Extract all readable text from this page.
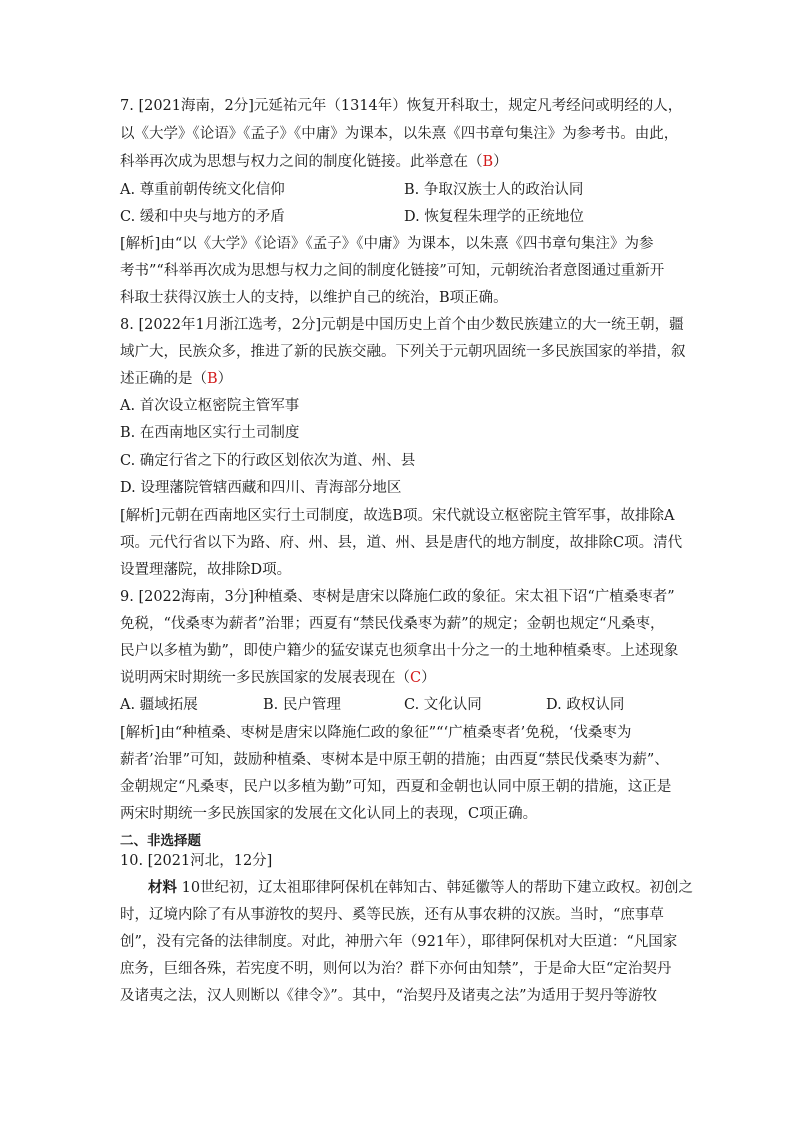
7. [2021海南，2分]元延祐元年（1314年）恢复开科取士，规定凡考经问或明经的人，
以《大学》《论语》《孟子》《中庸》为课本，以朱熹《四书章句集注》为参考书。由此，
科举再次成为思想与权力之间的制度化链接。此举意在（B）
A. 尊重前朝传统文化信仰	B. 争取汉族士人的政治认同
C. 缓和中央与地方的矛盾	D. 恢复程朱理学的正统地位
[解析]由“以《大学》《论语》《孟子》《中庸》为课本，以朱熹《四书章句集注》为参
考书”“科举再次成为思想与权力之间的制度化链接”可知，元朝统治者意图通过重新开
科取士获得汉族士人的支持，以维护自己的统治，B项正确。
8. [2022年1月浙江选考，2分]元朝是中国历史上首个由少数民族建立的大一统王朝，疆
域广大，民族众多，推进了新的民族交融。下列关于元朝巩固统一多民族国家的举措，叙
述正确的是（B）
A. 首次设立枢密院主管军事
B. 在西南地区实行土司制度
C. 确定行省之下的行政区划依次为道、州、县
D. 设理藩院管辖西藏和四川、青海部分地区
[解析]元朝在西南地区实行土司制度，故选B项。宋代就设立枢密院主管军事，故排除A
项。元代行省以下为路、府、州、县，道、州、县是唐代的地方制度，故排除C项。清代
设置理藩院，故排除D项。
9. [2022海南，3分]种植桑、枣树是唐宋以降施仁政的象征。宋太祖下诏“广植桑枣者”
免税，“伐桑枣为薪者”治罪；西夏有“禁民伐桑枣为薪”的规定；金朝也规定“凡桑枣，
民户以多植为勤”，即使户籍少的猛安谋克也须拿出十分之一的土地种植桑枣。上述现象
说明两宋时期统一多民族国家的发展表现在（C）
A. 疆域拓展	B. 民户管理	C. 文化认同	D. 政权认同
[解析]由“种植桑、枣树是唐宋以降施仁政的象征”“‘广植桑枣者’免税，‘伐桑枣为
薪者’治罪”可知，鼓励种植桑、枣树本是中原王朝的措施；由西夏“禁民伐桑枣为薪”、
金朝规定“凡桑枣，民户以多植为勤”可知，西夏和金朝也认同中原王朝的措施，这正是
两宋时期统一多民族国家的发展在文化认同上的表现，C项正确。
二、非选择题
10. [2021河北，12分]
材料 10世纪初，辽太祖耶律阿保机在韩知古、韩延徽等人的帮助下建立政权。初创之
时，辽境内除了有从事游牧的契丹、奚等民族，还有从事农耕的汉族。当时，“庶事草
创”，没有完备的法律制度。对此，神册六年（921年），耶律阿保机对大臣道：“凡国家
庶务，巨细各殊，若宪度不明，则何以为治？群下亦何由知禁”，于是命大臣“定治契丹
及诸夷之法，汉人则断以《律令》”。其中，“治契丹及诸夷之法”为适用于契丹等游牧
